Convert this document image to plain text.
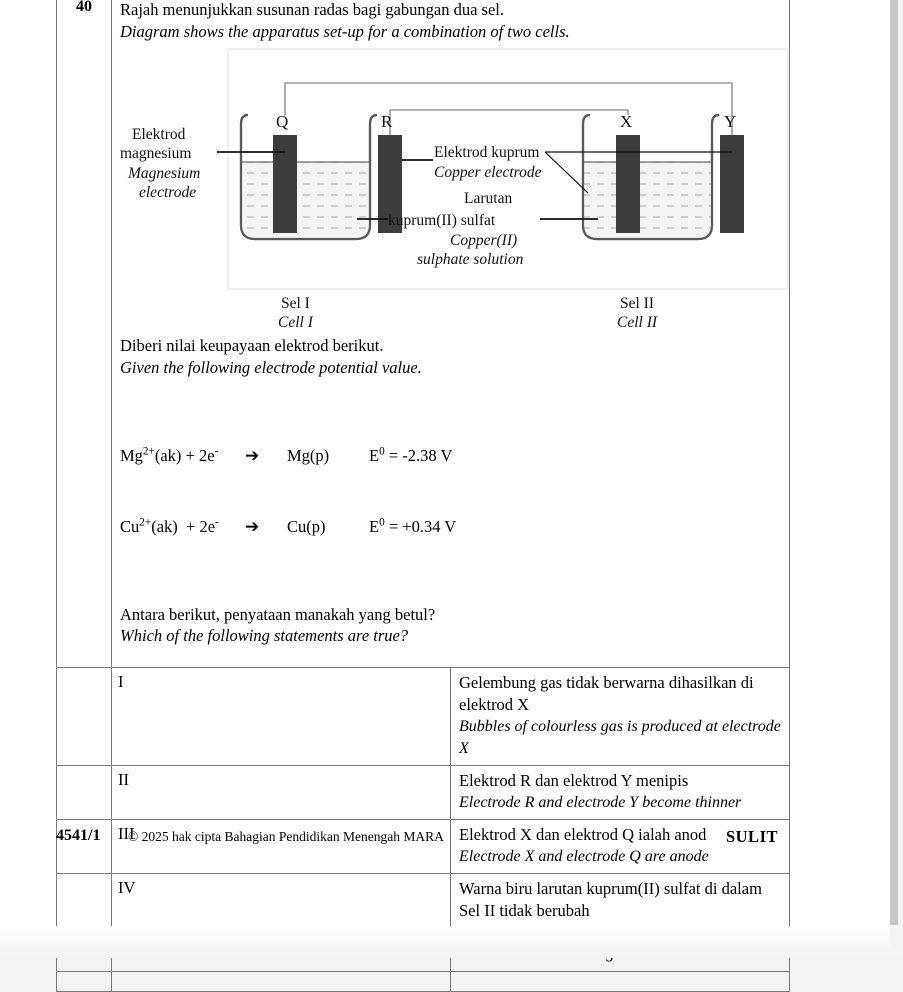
40	Rajah menunjukkan susunan radas bagi gabungan dua sel.
Diagram shows the apparatus set-up for a combination of two cells.
Q	R	X	Y
Elektrod
magnesium
Magnesium
electrode
Elektrod kuprum
Copper electrode
Larutan
kuprum(II) sulfat
Copper(II)
sulphate solution
Sel I
Cell I
Sel II
Cell II
Diberi nilai keupayaan elektrod berikut.
Given the following electrode potential value.

$Mg^{2+}(ak) + 2e^-$ ➔ Mg(p) $E^0 = -2.38$ V

$Cu^{2+}(ak) + 2e^-$ ➔ Cu(p)	$E^0 = +0.34$ V

Antara berikut, penyataan manakah yang betul?
Which of the following statements are true?

	I	Gelembung gas tidak berwarna dihasilkan di elektrod X
Bubbles of colourless gas is produced at electrode X

	II	Elektrod R dan elektrod Y menipis
Electrode R and electrode Y become thinner

	III	Elektrod X dan elektrod Q ialah anod
Electrode X and electrode Q are anode

	IV	Warna biru larutan kuprum(II) sulfat di dalam Sel II tidak berubah

4541/1 © 2025 hak cipta Bahagian Pendidikan Menengah MARA	SULIT
